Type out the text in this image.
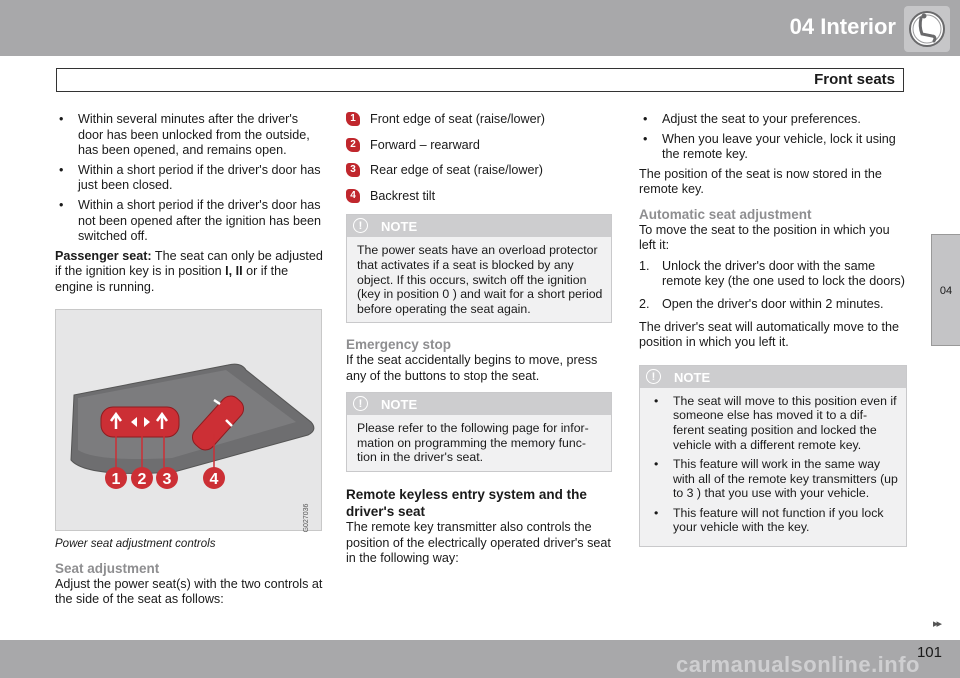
04 Interior
Front seats
04
• Within several minutes after the driver's door has been unlocked from the outside, has been opened, and remains open.
• Within a short period if the driver's door has just been closed.
• Within a short period if the driver's door has not been opened after the ignition has been switched off.

Passenger seat: The seat can only be adjusted if the ignition key is in position I, II or if the engine is running.

1 2 3 4
G027036
Power seat adjustment controls
Seat adjustment

Adjust the power seat(s) with the two controls at the side of the seat as follows:

1	Front edge of seat (raise/lower)
2	Forward – rearward
3	Rear edge of seat (raise/lower)
4	Backrest tilt
!	NOTE
The power seats have an overload protector that activates if a seat is blocked by any object. If this occurs, switch off the ignition (key in position 0 ) and wait for a short period before operating the seat again.
Emergency stop

If the seat accidentally begins to move, press any of the buttons to stop the seat.

!	NOTE
Please refer to the following page for infor-mation on programming the memory func-tion in the driver's seat.
Remote keyless entry system and the driver's seat

The remote key transmitter also controls the position of the electrically operated driver's seat in the following way:

• Adjust the seat to your preferences.
• When you leave your vehicle, lock it using the remote key.

The position of the seat is now stored in the remote key.

Automatic seat adjustment

To move the seat to the position in which you left it:

1. Unlock the driver's door with the same remote key (the one used to lock the doors)
2. Open the driver's door within 2 minutes.

The driver's seat will automatically move to the position in which you left it.

!	NOTE
• The seat will move to this position even if someone else has moved it to a dif-ferent seating position and locked the vehicle with a different remote key.
• This feature will work in the same way with all of the remote key transmitters (up to 3 ) that you use with your vehicle.
• This feature will not function if you lock your vehicle with the key.
▸▸
101
carmanualsonline.info
